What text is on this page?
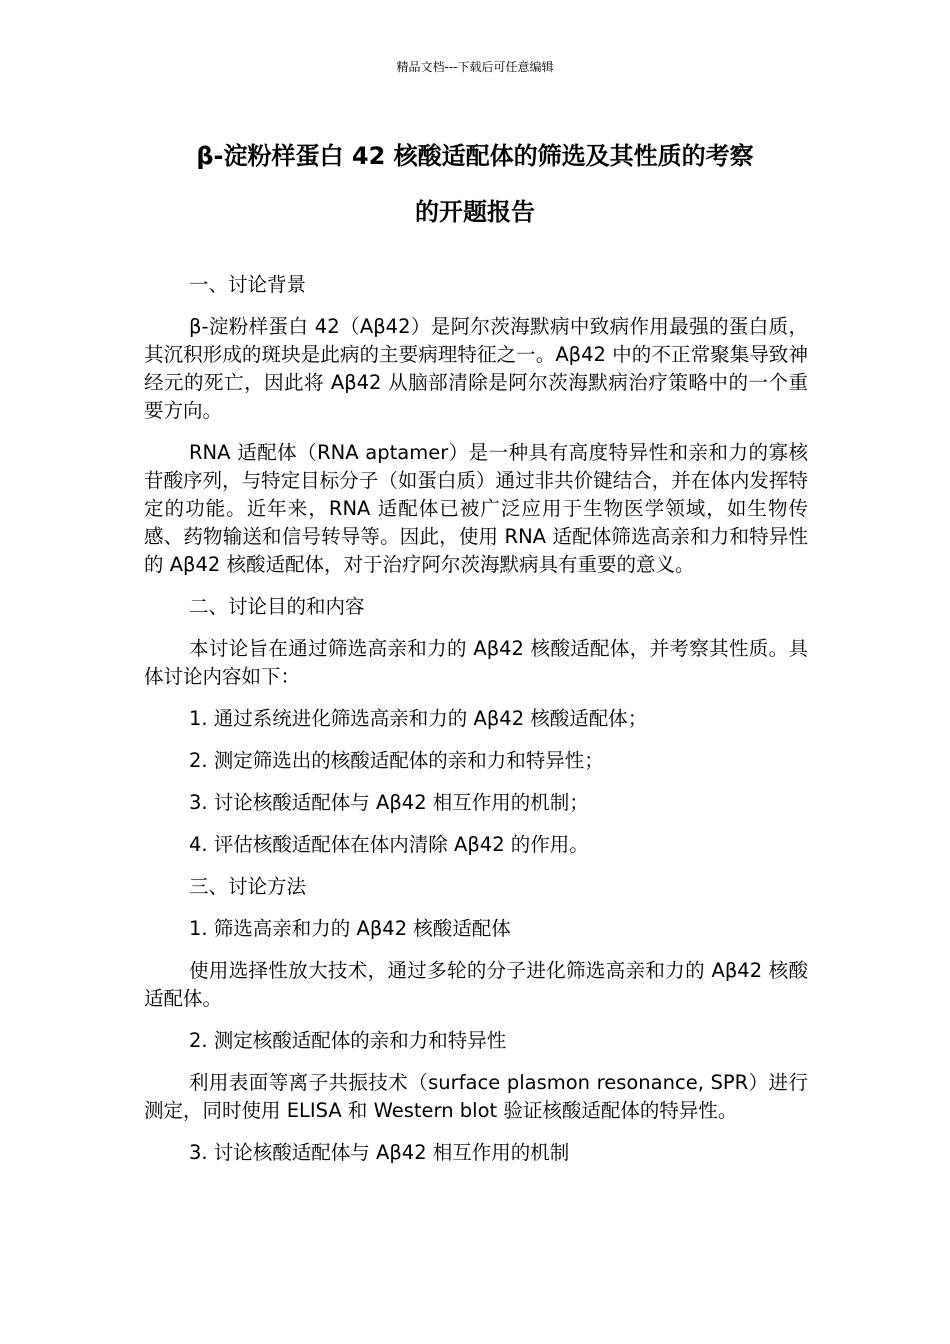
精品文档---下载后可任意编辑
β-淀粉样蛋白 42 核酸适配体的筛选及其性质的考察
的开题报告

一、讨论背景

β-淀粉样蛋白 42（Aβ42）是阿尔茨海默病中致病作用最强的蛋白质，其沉积形成的斑块是此病的主要病理特征之一。Aβ42 中的不正常聚集导致神经元的死亡，因此将 Aβ42 从脑部清除是阿尔茨海默病治疗策略中的一个重要方向。

RNA 适配体（RNA aptamer）是一种具有高度特异性和亲和力的寡核苷酸序列，与特定目标分子（如蛋白质）通过非共价键结合，并在体内发挥特定的功能。近年来，RNA 适配体已被广泛应用于生物医学领域，如生物传感、药物输送和信号转导等。因此，使用 RNA 适配体筛选高亲和力和特异性的 Aβ42 核酸适配体，对于治疗阿尔茨海默病具有重要的意义。

二、讨论目的和内容

本讨论旨在通过筛选高亲和力的 Aβ42 核酸适配体，并考察其性质。具体讨论内容如下：

1. 通过系统进化筛选高亲和力的 Aβ42 核酸适配体；

2. 测定筛选出的核酸适配体的亲和力和特异性；

3. 讨论核酸适配体与 Aβ42 相互作用的机制；

4. 评估核酸适配体在体内清除 Aβ42 的作用。

三、讨论方法

1. 筛选高亲和力的 Aβ42 核酸适配体

使用选择性放大技术，通过多轮的分子进化筛选高亲和力的 Aβ42 核酸适配体。

2. 测定核酸适配体的亲和力和特异性

利用表面等离子共振技术（surface plasmon resonance, SPR）进行测定，同时使用 ELISA 和 Western blot 验证核酸适配体的特异性。

3. 讨论核酸适配体与 Aβ42 相互作用的机制
